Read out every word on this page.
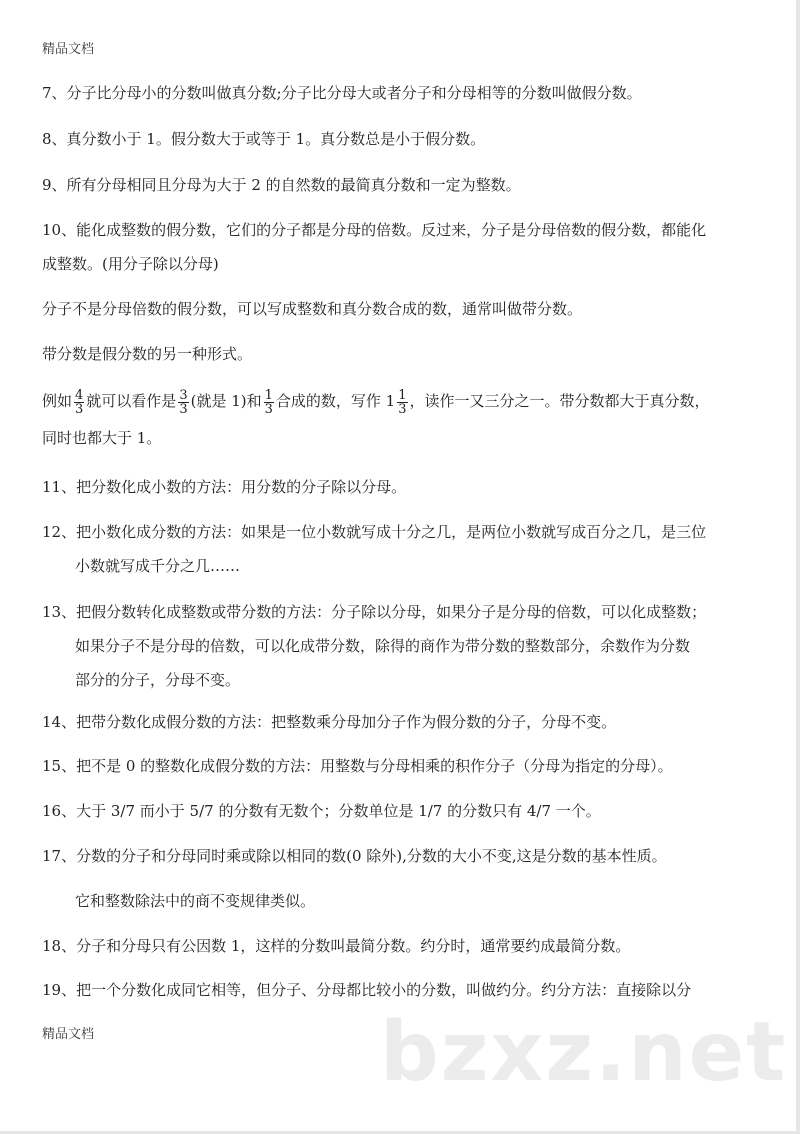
bzxz.net
精品文档
7、分子比分母小的分数叫做真分数;分子比分母大或者分子和分母相等的分数叫做假分数。
8、真分数小于 1。假分数大于或等于 1。真分数总是小于假分数。
9、所有分母相同且分母为大于 2 的自然数的最简真分数和一定为整数。
10、能化成整数的假分数，它们的分子都是分母的倍数。反过来，分子是分母倍数的假分数，都能化
成整数。(用分子除以分母)
分子不是分母倍数的假分数，可以写成整数和真分数合成的数，通常叫做带分数。
带分数是假分数的另一种形式。
例如 $\frac{4}{3}$ 就可以看作是 $\frac{3}{3}$ (就是 1)和 $\frac{1}{3}$ 合成的数，写作 $1 \frac{1}{3}$ ，读作一又三分之一。带分数都大于真分数，
同时也都大于 1。
11、把分数化成小数的方法：用分数的分子除以分母。
12、把小数化成分数的方法：如果是一位小数就写成十分之几，是两位小数就写成百分之几，是三位
小数就写成千分之几……
13、把假分数转化成整数或带分数的方法：分子除以分母，如果分子是分母的倍数，可以化成整数；
如果分子不是分母的倍数，可以化成带分数，除得的商作为带分数的整数部分，余数作为分数
部分的分子，分母不变。
14、把带分数化成假分数的方法：把整数乘分母加分子作为假分数的分子，分母不变。
15、把不是 0 的整数化成假分数的方法：用整数与分母相乘的积作分子（分母为指定的分母）。
16、大于 3/7 而小于 5/7 的分数有无数个；分数单位是 1/7 的分数只有 4/7 一个。
17、分数的分子和分母同时乘或除以相同的数(0 除外),分数的大小不变,这是分数的基本性质。
它和整数除法中的商不变规律类似。
18、分子和分母只有公因数 1，这样的分数叫最简分数。约分时，通常要约成最简分数。
19、把一个分数化成同它相等，但分子、分母都比较小的分数，叫做约分。约分方法：直接除以分
精品文档
